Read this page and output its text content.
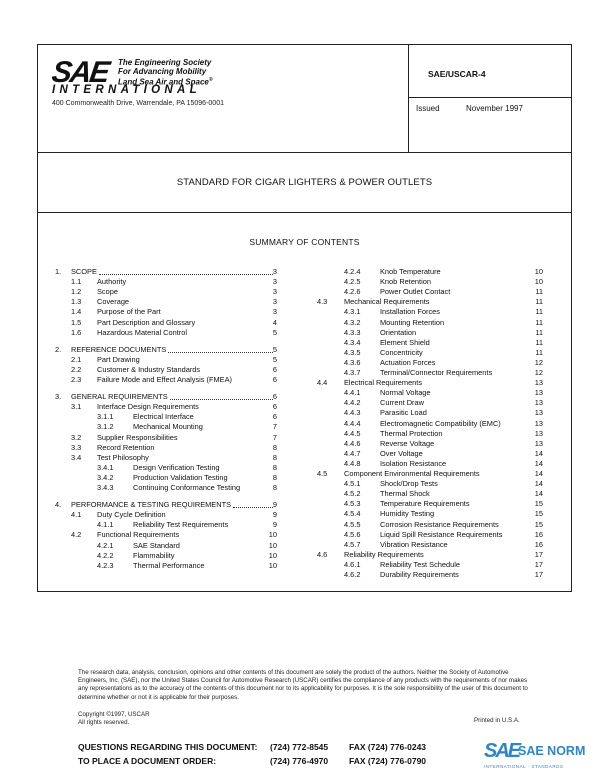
SAE The Engineering Society
For Advancing Mobility
Land Sea Air and Space®
INTERNATIONAL
400 Commonwealth Drive, Warrendale, PA 15096-0001
SAE/USCAR-4
Issued	November 1997
STANDARD FOR CIGAR LIGHTERS & POWER OUTLETS
SUMMARY OF CONTENTS
1. SCOPE	3
1.1 Authority	3
1.2 Scope	3
1.3 Coverage	3
1.4 Purpose of the Part	3
1.5 Part Description and Glossary	4
1.6 Hazardous Material Control	5
2. REFERENCE DOCUMENTS	5
2.1 Part Drawing	5
2.2 Customer & Industry Standards	6
2.3 Failure Mode and Effect Analysis (FMEA)	6
3. GENERAL REQUIREMENTS	6
3.1 Interface Design Requirements	6
3.1.1	Electrical Interface	6
3.1.2	Mechanical Mounting	7
3.2 Supplier Responsibilities	7
3.3 Record Retention	8
3.4 Test Philosophy	8
3.4.1	Design Verification Testing	8
3.4.2	Production Validation Testing	8
3.4.3	Continuing Conformance Testing	8
4. PERFORMANCE & TESTING REQUIREMENTS	9
4.1 Duty Cycle Definition	9
4.1.1	Reliability Test Requirements	9
4.2 Functional Requirements	10
4.2.1	SAE Standard	10
4.2.2	Flammability	10
4.2.3	Thermal Performance	10
4.2.4	Knob Temperature	10
4.2.5	Knob Retention	10
4.2.6	Power Outlet Contact	11
4.3 Mechanical Requirements	11
4.3.1	Installation Forces	11
4.3.2	Mounting Retention	11
4.3.3	Orientation	11
4.3.4	Element Shield	11
4.3.5	Concentricity	11
4.3.6	Actuation Forces	12
4.3.7	Terminal/Connector Requirements	12
4.4 Electrical Requirements	13
4.4.1	Normal Voltage	13
4.4.2	Current Draw	13
4.4.3	Parasitic Load	13
4.4.4	Electromagnetic Compatibility (EMC)	13
4.4.5	Thermal Protection	13
4.4.6	Reverse Voltage	13
4.4.7	Over Voltage	14
4.4.8	Isolation Resistance	14
4.5 Component Environmental Requirements	14
4.5.1	Shock/Drop Tests	14
4.5.2	Thermal Shock	14
4.5.3	Temperature Requirements	15
4.5.4	Humidity Testing	15
4.5.5	Corrosion Resistance Requirements	15
4.5.6	Liquid Spill Resistance Requirements	16
4.5.7	Vibration Resistance	16
4.6 Reliability Requirements	17
4.6.1	Reliability Test Schedule	17
4.6.2	Durability Requirements	17
The research data, analysis, conclusion, opinions and other contents of this document are solely the product of the authors. Neither the Society of Automotive Engineers, Inc. (SAE), nor the United States Council for Automotive Research (USCAR) certifies the compliance of any products with the requirements of nor makes any representations as to the accuracy of the contents of this document nor to its applicability for purposes. It is the sole responsibility of the user of this document to determine whether or not it is applicable for their purposes.
Copyright ©1997, USCAR
All rights reserved.	Printed in U.S.A.
QUESTIONS REGARDING THIS DOCUMENT: (724) 772-8545 FAX (724) 776-0243
TO PLACE A DOCUMENT ORDER:	(724) 776-4970 FAX (724) 776-0790	SAE
SAE NORM
INTERNATIONAL · STANDARDS
